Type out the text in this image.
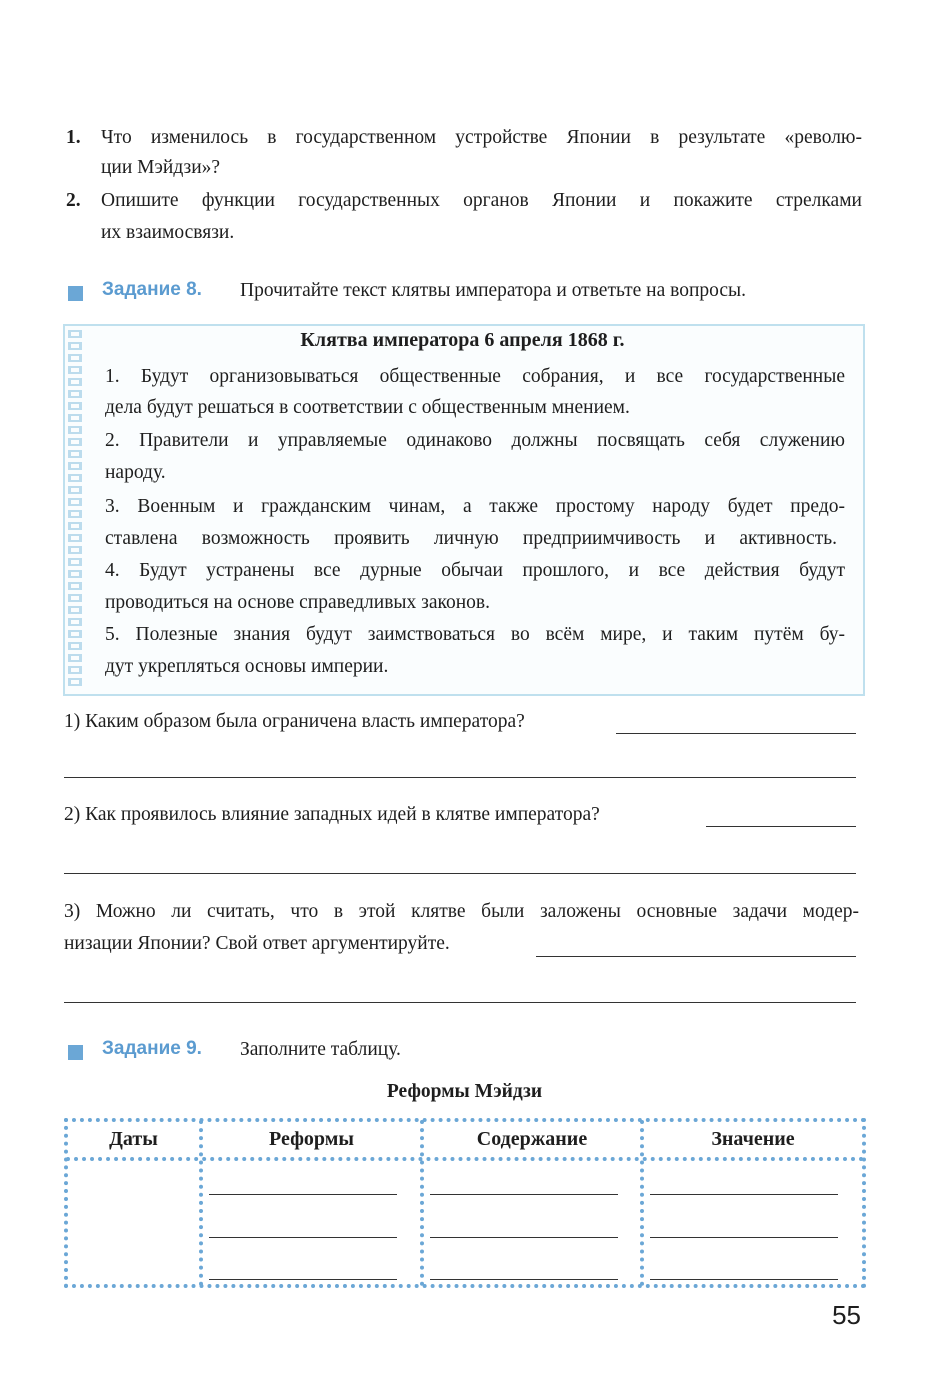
1. Что изменилось в государственном устройстве Японии в результате «револю-
ции Мэйдзи»?
2. Опишите функции государственных органов Японии и покажите стрелками
их взаимосвязи.
Задание 8. Прочитайте текст клятвы императора и ответьте на вопросы.
Клятва императора 6 апреля 1868 г.
1. Будут организовываться общественные собрания, и все государственные
дела будут решаться в соответствии с общественным мнением.
2. Правители и управляемые одинаково должны посвящать себя служению
народу.
3. Военным и гражданским чинам, а также простому народу будет предо-
ставлена возможность проявить личную предприимчивость и активность.
4. Будут устранены все дурные обычаи прошлого, и все действия будут
проводиться на основе справедливых законов.
5. Полезные знания будут заимствоваться во всём мире, и таким путём бу-
дут укрепляться основы империи.
1) Каким образом была ограничена власть императора?
2) Как проявилось влияние западных идей в клятве императора?
3) Можно ли считать, что в этой клятве были заложены основные задачи модер-
низации Японии? Свой ответ аргументируйте.
Задание 9. Заполните таблицу.
Реформы Мэйдзи
Даты	Реформы	Содержание	Значение
55
